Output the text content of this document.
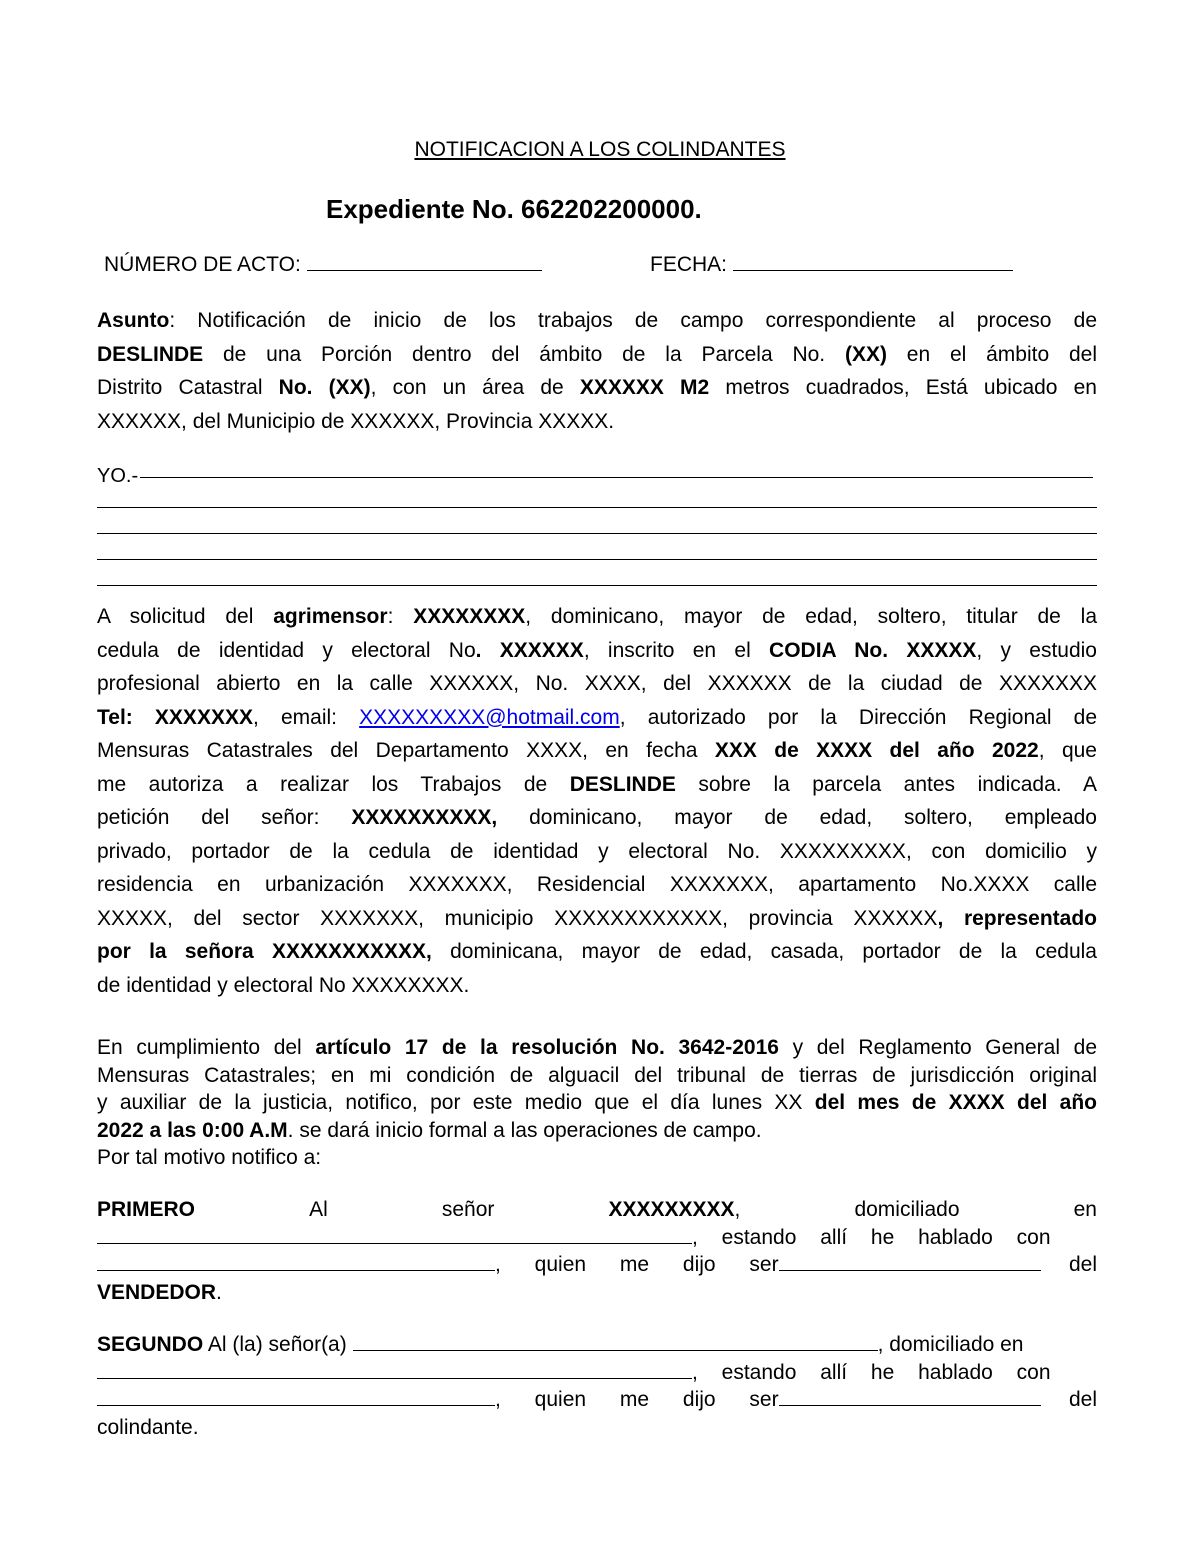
NOTIFICACION A LOS COLINDANTES
Expediente No. 662202200000.
NÚMERO DE ACTO:	FECHA:
Asunto: Notificación de inicio de los trabajos de campo correspondiente al proceso de
DESLINDE de una Porción dentro del ámbito de la Parcela No. (XX) en el ámbito del
Distrito Catastral No. (XX), con un área de XXXXXX M2 metros cuadrados, Está ubicado en
XXXXXX, del Municipio de XXXXXX, Provincia XXXXX.
YO.-
A solicitud del agrimensor: XXXXXXXX, dominicano, mayor de edad, soltero, titular de la
cedula de identidad y electoral No. XXXXXX, inscrito en el CODIA No. XXXXX, y estudio
profesional abierto en la calle XXXXXX, No. XXXX, del XXXXXX de la ciudad de XXXXXXX
Tel: XXXXXXX, email: XXXXXXXXX@hotmail.com, autorizado por la Dirección Regional de
Mensuras Catastrales del Departamento XXXX, en fecha XXX de XXXX del año 2022, que
me autoriza a realizar los Trabajos de DESLINDE sobre la parcela antes indicada. A
petición del señor: XXXXXXXXXX, dominicano, mayor de edad, soltero, empleado
privado, portador de la cedula de identidad y electoral No. XXXXXXXXX, con domicilio y
residencia en urbanización XXXXXXX, Residencial XXXXXXX, apartamento No.XXXX calle
XXXXX, del sector XXXXXXX, municipio XXXXXXXXXXXX, provincia XXXXXX, representado
por la señora XXXXXXXXXXX, dominicana, mayor de edad, casada, portador de la cedula
de identidad y electoral No XXXXXXXX.
En cumplimiento del artículo 17 de la resolución No. 3642-2016 y del Reglamento General de
Mensuras Catastrales; en mi condición de alguacil del tribunal de tierras de jurisdicción original
y auxiliar de la justicia, notifico, por este medio que el día lunes XX del mes de XXXX del año
2022 a las 0:00 A.M. se dará inicio formal a las operaciones de campo.
Por tal motivo notifico a:
PRIMERO	Al	señor	XXXXXXXXX,	domiciliado	en
, estando allí he hablado con
, quien me dijo ser	del
VENDEDOR .
SEGUNDO Al (la) señor(a)	, domiciliado en
, estando allí he hablado con
, quien me dijo ser	del
colindante.
